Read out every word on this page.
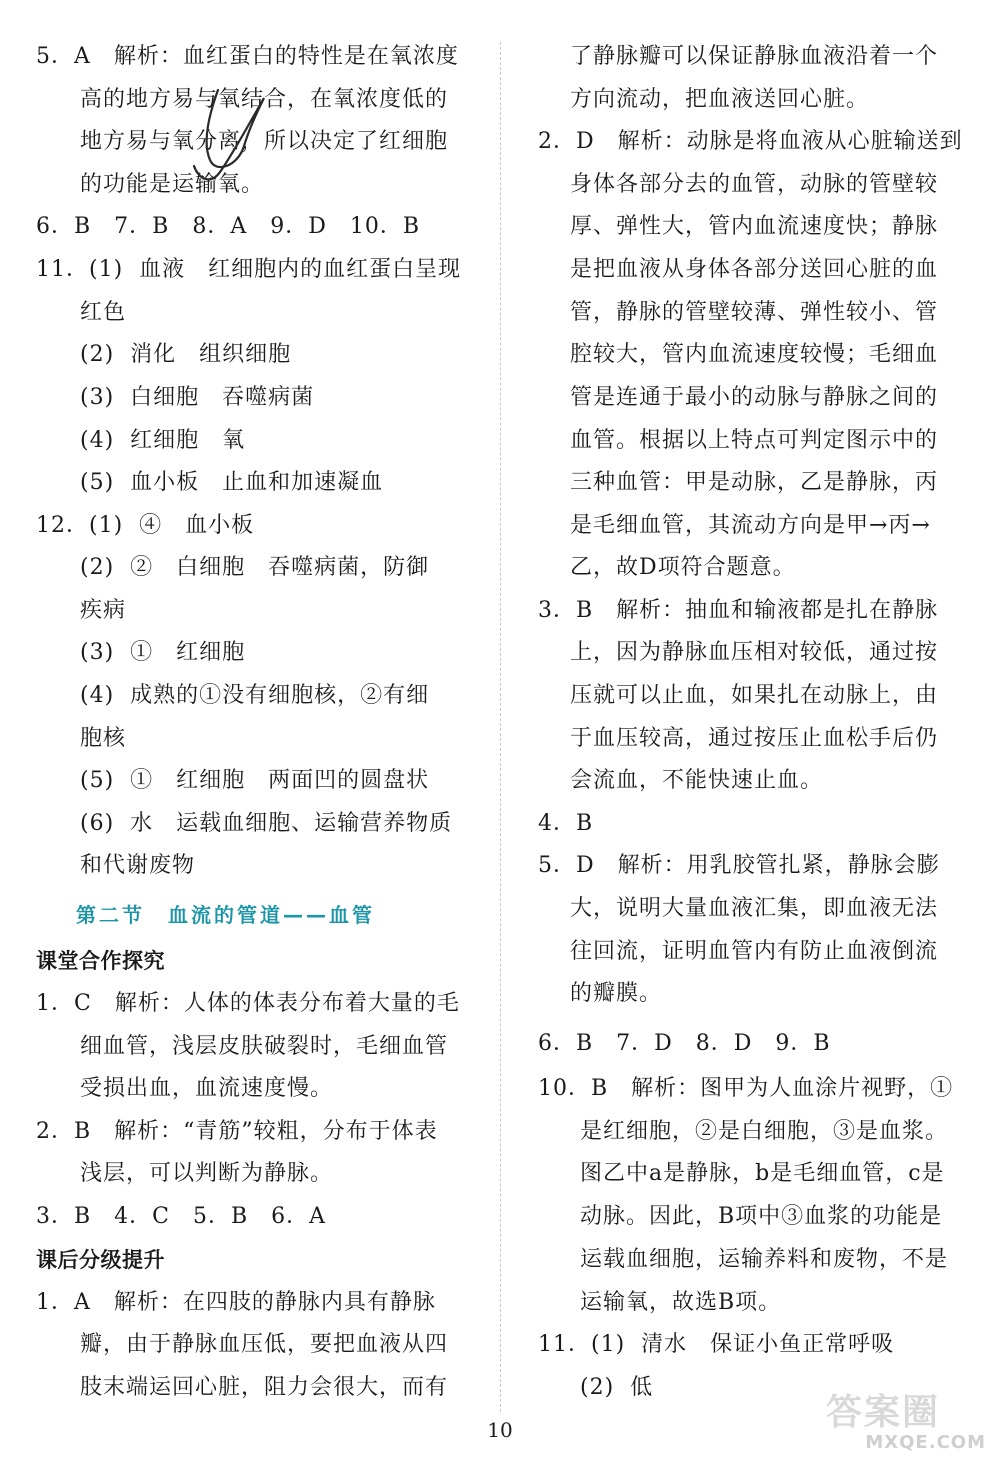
5．A　解析：血红蛋白的特性是在氧浓度
高的地方易与氧结合，在氧浓度低的
地方易与氧分离，所以决定了红细胞
的功能是运输氧。
6．B　7．B　8．A　9．D　10．B
11．(1)  血液　红细胞内的血红蛋白呈现
红色
(2)  消化　组织细胞
(3)  白细胞　吞噬病菌
(4)  红细胞　氧
(5)  血小板　止血和加速凝血
12．(1)  ④　血小板
(2)  ②　白细胞　吞噬病菌，防御
疾病
(3)  ①　红细胞
(4)  成熟的①没有细胞核，②有细
胞核
(5)  ①　红细胞　两面凹的圆盘状
(6)  水　运载血细胞、运输营养物质
和代谢废物
第二节　血流的管道——血管
课堂合作探究
1．C　解析：人体的体表分布着大量的毛
细血管，浅层皮肤破裂时，毛细血管
受损出血，血流速度慢。
2．B　解析：“青筋”较粗，分布于体表
浅层，可以判断为静脉。
3．B　4．C　5．B　6．A
课后分级提升
1．A　解析：在四肢的静脉内具有静脉
瓣，由于静脉血压低，要把血液从四
肢末端运回心脏，阻力会很大，而有
了静脉瓣可以保证静脉血液沿着一个
方向流动，把血液送回心脏。
2．D　解析：动脉是将血液从心脏输送到
身体各部分去的血管，动脉的管壁较
厚、弹性大，管内血流速度快；静脉
是把血液从身体各部分送回心脏的血
管，静脉的管壁较薄、弹性较小、管
腔较大，管内血流速度较慢；毛细血
管是连通于最小的动脉与静脉之间的
血管。根据以上特点可判定图示中的
三种血管：甲是动脉，乙是静脉，丙
是毛细血管，其流动方向是甲→丙→
乙，故D项符合题意。
3．B　解析：抽血和输液都是扎在静脉
上，因为静脉血压相对较低，通过按
压就可以止血，如果扎在动脉上，由
于血压较高，通过按压止血松手后仍
会流血，不能快速止血。
4．B
5．D　解析：用乳胶管扎紧，静脉会膨
大，说明大量血液汇集，即血液无法
往回流，证明血管内有防止血液倒流
的瓣膜。
6．B　7．D　8．D　9．B
10．B　解析：图甲为人血涂片视野，①
是红细胞，②是白细胞，③是血浆。
图乙中a是静脉，b是毛细血管，c是
动脉。因此，B项中③血浆的功能是
运载血细胞，运输养料和废物，不是
运输氧，故选B项。
11．(1)  清水　保证小鱼正常呼吸
(2)  低
10	答案圈
MXQE.COM
